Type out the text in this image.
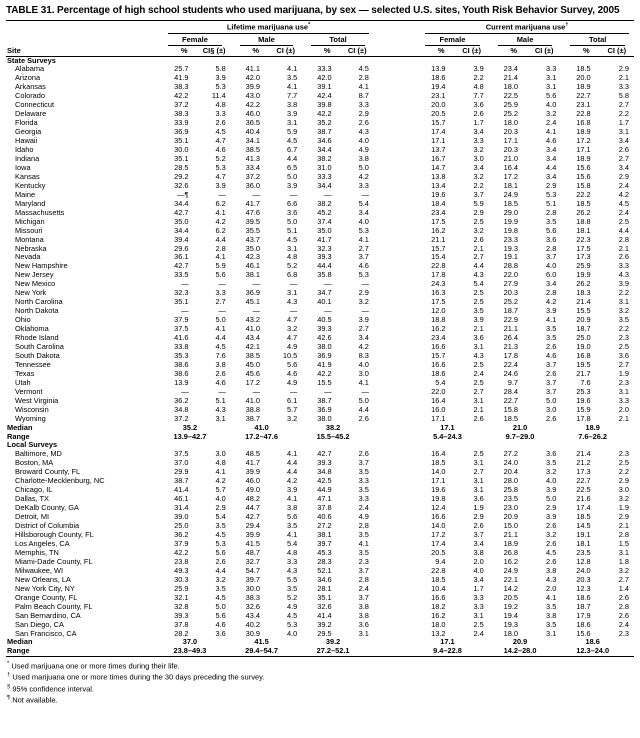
TABLE 31. Percentage of high school students who used marijuana, by sex — selected U.S. sites, Youth Risk Behavior Survey, 2005
Site	Lifetime marijuana use*							Current marijuana use†

	Female		Male		Total			Female		Male		Total	

	%	CI§ (±)	%	CI (±)	%	CI (±)		%	CI (±)	%	CI (±)	%	CI (±)
State Surveys													
Alabama	25.7	5.8	41.1	4.1	33.3	4.5		13.9	3.9	23.4	3.3	18.5	2.9
Arizona	41.9	3.9	42.0	3.5	42.0	2.8		18.6	2.2	21.4	3.1	20.0	2.1
Arkansas	38.3	5.3	39.9	4.1	39.1	4.1		19.4	4.8	18.0	3.1	18.9	3.3
Colorado	42.2	11.4	43.0	7.7	42.4	8.7		23.1	7.7	22.5	5.6	22.7	5.8
Connecticut	37.2	4.8	42.2	3.8	39.8	3.3		20.0	3.6	25.9	4.0	23.1	2.7
Delaware	38.3	3.3	46.0	3.9	42.2	2.9		20.5	2.6	25.2	3.2	22.8	2.2
Florida	33.9	2.6	36.5	3.1	35.2	2.6		15.7	1.7	18.0	2.4	16.8	1.7
Georgia	36.9	4.5	40.4	5.9	38.7	4.3		17.4	3.4	20.3	4.1	18.9	3.1
Hawaii	35.1	4.7	34.1	4.5	34.6	4.0		17.1	3.3	17.1	4.6	17.2	3.4
Idaho	30.0	4.6	38.5	6.7	34.4	4.9		13.7	3.2	20.3	3.4	17.1	2.6
Indiana	35.1	5.2	41.3	4.4	38.2	3.8		16.7	3.0	21.0	3.4	18.9	2.7
Iowa	28.5	5.3	33.4	6.5	31.0	5.0		14.7	3.4	16.4	4.4	15.6	3.4
Kansas	29.2	4.7	37.2	5.0	33.3	4.2		13.8	3.2	17.2	3.4	15.6	2.9
Kentucky	32.6	3.9	36.0	3.9	34.4	3.3		13.4	2.2	18.1	2.9	15.8	2.4
Maine	—¶	—	—	—	—	—		19.6	3.7	24.9	5.3	22.2	4.2
Maryland	34.4	6.2	41.7	6.6	38.2	5.4		18.4	5.9	18.5	5.1	18.5	4.5
Massachusetts	42.7	4.1	47.6	3.6	45.2	3.4		23.4	2.9	29.0	2.8	26.2	2.4
Michigan	35.0	4.2	39.5	5.0	37.4	4.0		17.5	2.5	19.9	3.5	18.8	2.5
Missouri	34.4	6.2	35.5	5.1	35.0	5.3		16.2	3.2	19.8	5.6	18.1	4.4
Montana	39.4	4.4	43.7	4.5	41.7	4.1		21.1	2.6	23.3	3.6	22.3	2.8
Nebraska	29.6	2.8	35.0	3.1	32.3	2.7		15.7	2.1	19.3	2.8	17.5	2.1
Nevada	36.1	4.1	42.3	4.8	39.3	3.7		15.4	2.7	19.1	3.7	17.3	2.6
New Hampshire	42.7	5.9	46.1	5.2	44.4	4.6		22.8	4.4	28.8	4.0	25.9	3.3
New Jersey	33.5	5.6	38.1	6.8	35.8	5.3		17.8	4.3	22.0	6.0	19.9	4.3
New Mexico	—	—	—	—	—	—		24.3	5.4	27.9	3.4	26.2	3.9
New York	32.3	3.3	36.9	3.1	34.7	2.9		16.3	2.5	20.3	2.8	18.3	2.2
North Carolina	35.1	2.7	45.1	4.3	40.1	3.2		17.5	2.5	25.2	4.2	21.4	3.1
North Dakota	—	—	—	—	—	—		12.0	3.5	18.7	3.9	15.5	3.2
Ohio	37.9	5.0	43.2	4.7	40.5	3.9		18.8	3.9	22.9	4.1	20.9	3.5
Oklahoma	37.5	4.1	41.0	3.2	39.3	2.7		16.2	2.1	21.1	3.5	18.7	2.2
Rhode Island	41.6	4.4	43.4	4.7	42.6	3.4		23.4	3.6	26.4	3.5	25.0	2.3
South Carolina	33.8	4.5	42.1	4.9	38.0	4.2		16.6	3.1	21.3	2.6	19.0	2.5
South Dakota	35.3	7.6	38.5	10.5	36.9	8.3		15.7	4.3	17.8	4.6	16.8	3.6
Tennessee	38.6	3.8	45.0	5.6	41.9	4.0		16.6	2.5	22.4	3.7	19.5	2.7
Texas	38.6	2.6	45.6	4.6	42.2	3.0		18.6	2.4	24.6	2.6	21.7	1.9
Utah	13.9	4.6	17.2	4.9	15.5	4.1		5.4	2.5	9.7	3.7	7.6	2.3
Vermont	—	—	—	—	—	—		22.0	2.7	28.4	3.7	25.3	3.1
West Virginia	36.2	5.1	41.0	6.1	38.7	5.0		16.4	3.1	22.7	5.0	19.6	3.3
Wisconsin	34.8	4.3	38.8	5.7	36.9	4.4		16.0	2.1	15.8	3.0	15.9	2.0
Wyoming	37.2	3.1	38.7	3.2	38.0	2.6		17.1	2.6	18.5	2.6	17.8	2.1
Median	35.2		41.0		38.2			17.1		21.0		18.9	
Range	13.9–42.7		17.2–47.6		15.5–45.2			5.4–24.3		9.7–29.0		7.6–26.2	
Local Surveys													
Baltimore, MD	37.5	3.0	48.5	4.1	42.7	2.6		16.4	2.5	27.2	3.6	21.4	2.3
Boston, MA	37.0	4.8	41.7	4.4	39.3	3.7		18.5	3.1	24.0	3.5	21.2	2.5
Broward County, FL	29.9	4.1	39.9	4.4	34.8	3.5		14.0	2.7	20.4	3.2	17.3	2.2
Charlotte-Mecklenburg, NC	38.7	4.2	46.0	4.2	42.5	3.3		17.1	3.1	28.0	4.0	22.7	2.9
Chicago, IL	41.4	5.7	49.0	3.9	44.9	3.5		19.6	3.1	25.8	3.9	22.5	3.0
Dallas, TX	46.1	4.0	48.2	4.1	47.1	3.3		19.8	3.6	23.5	5.0	21.6	3.2
DeKalb County, GA	31.4	2.9	44.7	3.8	37.8	2.4		12.4	1.9	23.0	2.9	17.4	1.9
Detroit, MI	39.0	5.4	42.7	5.6	40.6	4.9		16.6	2.9	20.9	3.9	18.5	2.9
District of Columbia	25.0	3.5	29.4	3.5	27.2	2.8		14.0	2.6	15.0	2.6	14.5	2.1
Hillsborough County, FL	36.2	4.5	39.9	4.1	38.1	3.5		17.2	3.7	21.1	3.2	19.1	2.8
Los Angeles, CA	37.9	5.3	41.5	5.4	39.7	4.1		17.4	3.4	18.9	2.6	18.1	1.5
Memphis, TN	42.2	5.6	48.7	4.8	45.3	3.5		20.5	3.8	26.8	4.5	23.5	3.1
Miami-Dade County, FL	23.8	2.6	32.7	3.3	28.3	2.3		9.4	2.0	16.2	2.6	12.8	1.8
Milwaukee, WI	49.3	4.4	54.7	4.3	52.1	3.7		22.8	4.0	24.9	3.8	24.0	3.2
New Orleans, LA	30.3	3.2	39.7	5.5	34.6	2.8		18.5	3.4	22.1	4.3	20.3	2.7
New York City, NY	25.9	3.5	30.0	3.5	28.1	2.4		10.4	1.7	14.2	2.0	12.3	1.4
Orange County, FL	32.1	4.5	38.3	5.2	35.1	3.7		16.6	3.3	20.5	4.1	18.6	2.6
Palm Beach County, FL	32.8	5.0	32.6	4.9	32.6	3.8		18.2	3.3	19.2	3.5	18.7	2.8
San Bernardino, CA	39.3	5.6	43.4	4.5	41.4	3.8		16.2	3.1	19.4	3.8	17.9	2.6
San Diego, CA	37.8	4.6	40.2	5.3	39.2	3.6		18.0	2.5	19.3	3.5	18.6	2.4
San Francisco, CA	28.2	3.6	30.9	4.0	29.5	3.1		13.2	2.4	18.0	3.1	15.6	2.3
Median	37.0		41.5		39.2			17.1		20.9		18.6	
Range	23.8–49.3		29.4–54.7		27.2–52.1			9.4–22.8		14.2–28.0		12.3–24.0	
* Used marijuana one or more times during their life.
† Used marijuana one or more times during the 30 days preceding the survey.
§ 95% confidence interval.
¶ Not available.
